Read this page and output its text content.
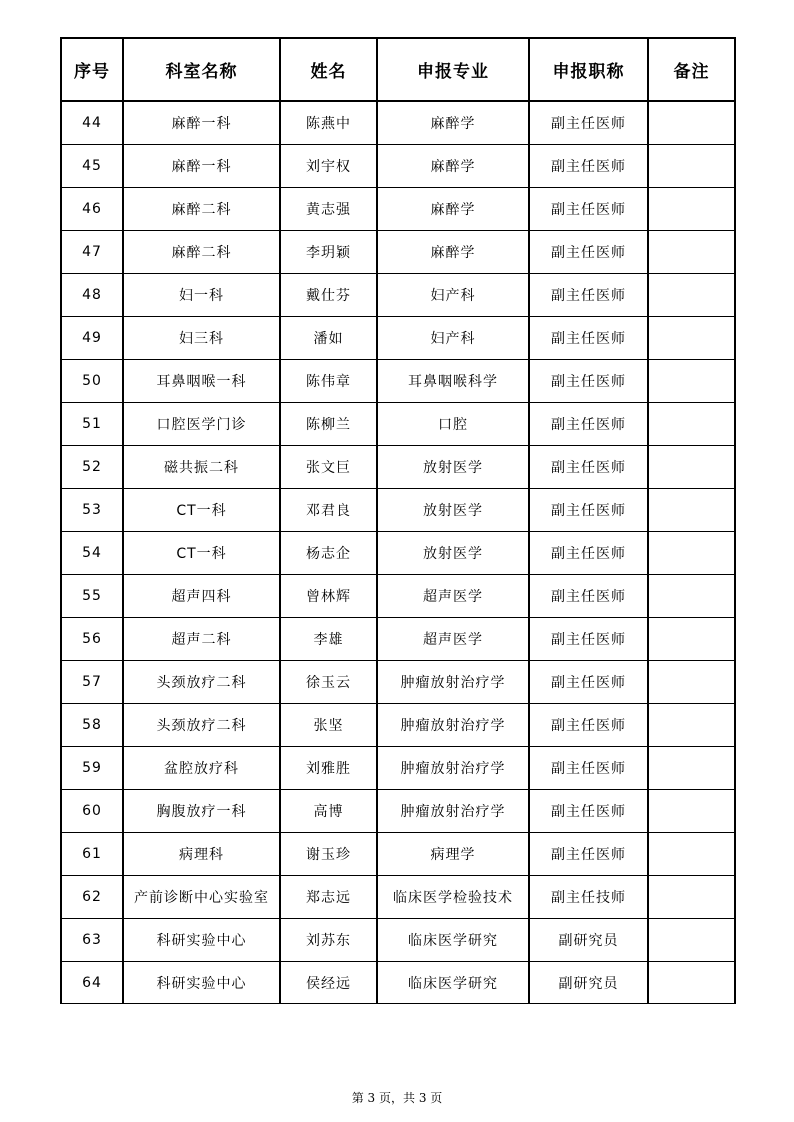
序号	科室名称	姓名	申报专业	申报职称	备注
44	麻醉一科	陈燕中	麻醉学	副主任医师	
45	麻醉一科	刘宇权	麻醉学	副主任医师	
46	麻醉二科	黄志强	麻醉学	副主任医师	
47	麻醉二科	李玥颖	麻醉学	副主任医师	
48	妇一科	戴仕芬	妇产科	副主任医师	
49	妇三科	潘如	妇产科	副主任医师	
50	耳鼻咽喉一科	陈伟章	耳鼻咽喉科学	副主任医师	
51	口腔医学门诊	陈柳兰	口腔	副主任医师	
52	磁共振二科	张文巨	放射医学	副主任医师	
53	CT一科	邓君良	放射医学	副主任医师	
54	CT一科	杨志企	放射医学	副主任医师	
55	超声四科	曾林辉	超声医学	副主任医师	
56	超声二科	李雄	超声医学	副主任医师	
57	头颈放疗二科	徐玉云	肿瘤放射治疗学	副主任医师	
58	头颈放疗二科	张坚	肿瘤放射治疗学	副主任医师	
59	盆腔放疗科	刘雅胜	肿瘤放射治疗学	副主任医师	
60	胸腹放疗一科	高博	肿瘤放射治疗学	副主任医师	
61	病理科	谢玉珍	病理学	副主任医师	
62	产前诊断中心实验室	郑志远	临床医学检验技术	副主任技师	
63	科研实验中心	刘苏东	临床医学研究	副研究员	
64	科研实验中心	侯经远	临床医学研究	副研究员	
第 3 页，共 3 页
